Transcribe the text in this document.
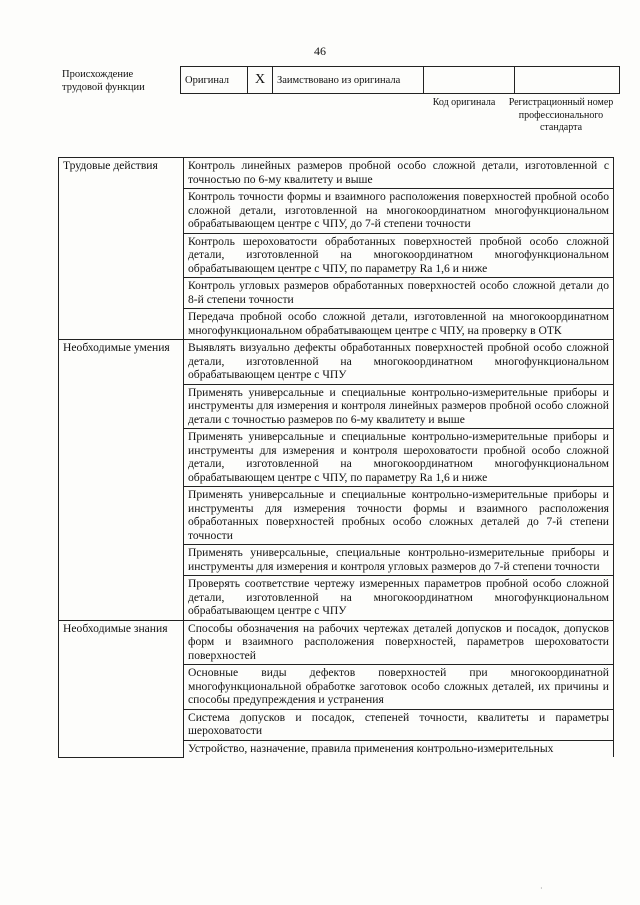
46
Происхождение трудовой функции
Оригинал	X	Заимствовано из оригинала		
Код оригинала	Регистрационный номер профессионального стандарта
Трудовые действия	Контроль линейных размеров пробной особо сложной детали, изготовленной с точностью по 6-му квалитету и выше
	Контроль точности формы и взаимного расположения поверхностей пробной особо сложной детали, изготовленной на многокоординатном многофункциональном обрабатывающем центре с ЧПУ, до 7-й степени точности
	Контроль шероховатости обработанных поверхностей пробной особо сложной детали, изготовленной на многокоординатном многофункциональном обрабатывающем центре с ЧПУ, по параметру Ra 1,6 и ниже
	Контроль угловых размеров обработанных поверхностей особо сложной детали до 8-й степени точности
	Передача пробной особо сложной детали, изготовленной на многокоординатном многофункциональном обрабатывающем центре с ЧПУ, на проверку в ОТК
Необходимые умения	Выявлять визуально дефекты обработанных поверхностей пробной особо сложной детали, изготовленной на многокоординатном многофункциональном обрабатывающем центре с ЧПУ
	Применять универсальные и специальные контрольно-измерительные приборы и инструменты для измерения и контроля линейных размеров пробной особо сложной детали с точностью размеров по 6-му квалитету и выше
	Применять универсальные и специальные контрольно-измерительные приборы и инструменты для измерения и контроля шероховатости пробной особо сложной детали, изготовленной на многокоординатном многофункциональном обрабатывающем центре с ЧПУ, по параметру Ra 1,6 и ниже
	Применять универсальные и специальные контрольно-измерительные приборы и инструменты для измерения точности формы и взаимного расположения обработанных поверхностей пробных особо сложных деталей до 7-й степени точности
	Применять универсальные, специальные контрольно-измерительные приборы и инструменты для измерения и контроля угловых размеров до 7-й степени точности
	Проверять соответствие чертежу измеренных параметров пробной особо сложной детали, изготовленной на многокоординатном многофункциональном обрабатывающем центре с ЧПУ
Необходимые знания	Способы обозначения на рабочих чертежах деталей допусков и посадок, допусков форм и взаимного расположения поверхностей, параметров шероховатости поверхностей
	Основные виды дефектов поверхностей при многокоординатной многофункциональной обработке заготовок особо сложных деталей, их причины и способы предупреждения и устранения
	Система допусков и посадок, степеней точности, квалитеты и параметры шероховатости
	Устройство, назначение, правила применения контрольно-измерительных
·
